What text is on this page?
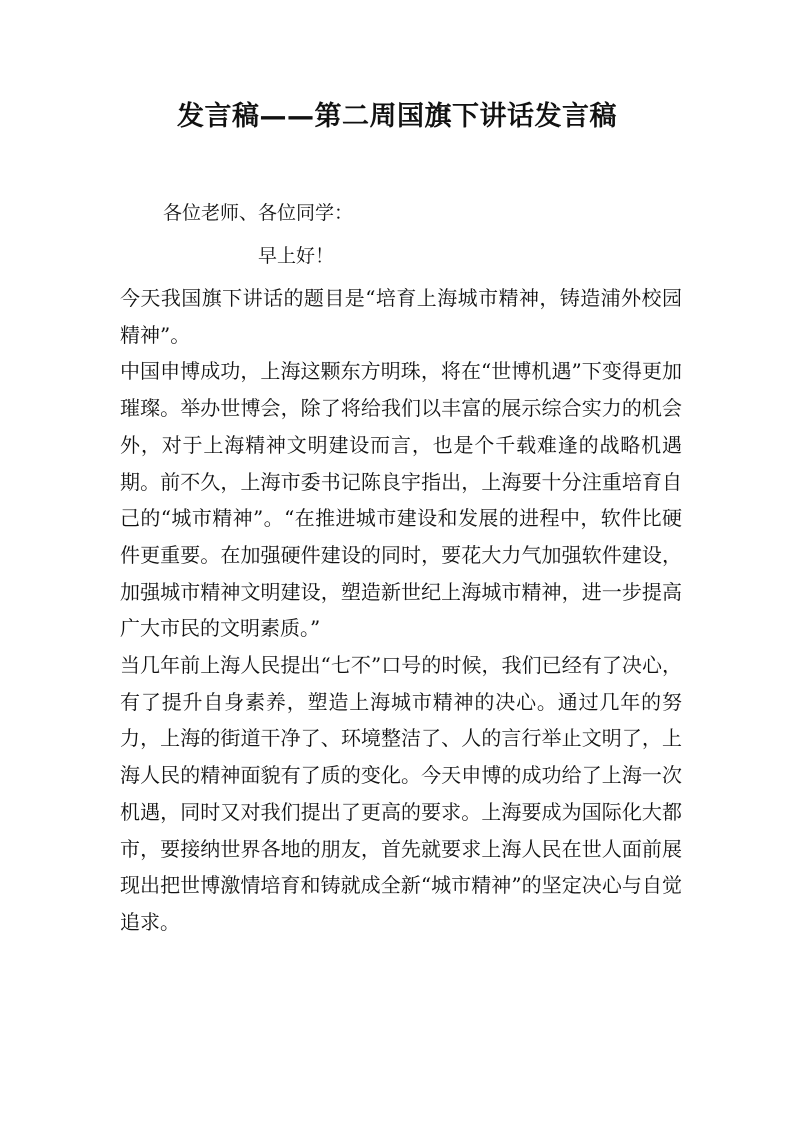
发言稿——第二周国旗下讲话发言稿
各位老师、各位同学：
早上好！

今天我国旗下讲话的题目是“培育上海城市精神，铸造浦外校园精神”。

中国申博成功，上海这颗东方明珠，将在“世博机遇”下变得更加璀璨。举办世博会，除了将给我们以丰富的展示综合实力的机会外，对于上海精神文明建设而言，也是个千载难逢的战略机遇期。前不久，上海市委书记陈良宇指出，上海要十分注重培育自己的“城市精神”。“在推进城市建设和发展的进程中，软件比硬件更重要。在加强硬件建设的同时，要花大力气加强软件建设，加强城市精神文明建设，塑造新世纪上海城市精神，进一步提高广大市民的文明素质。”

当几年前上海人民提出“七不”口号的时候，我们已经有了决心，有了提升自身素养，塑造上海城市精神的决心。通过几年的努力，上海的街道干净了、环境整洁了、人的言行举止文明了，上海人民的精神面貌有了质的变化。今天申博的成功给了上海一次机遇，同时又对我们提出了更高的要求。上海要成为国际化大都市，要接纳世界各地的朋友，首先就要求上海人民在世人面前展现出把世博激情培育和铸就成全新“城市精神”的坚定决心与自觉追求。
